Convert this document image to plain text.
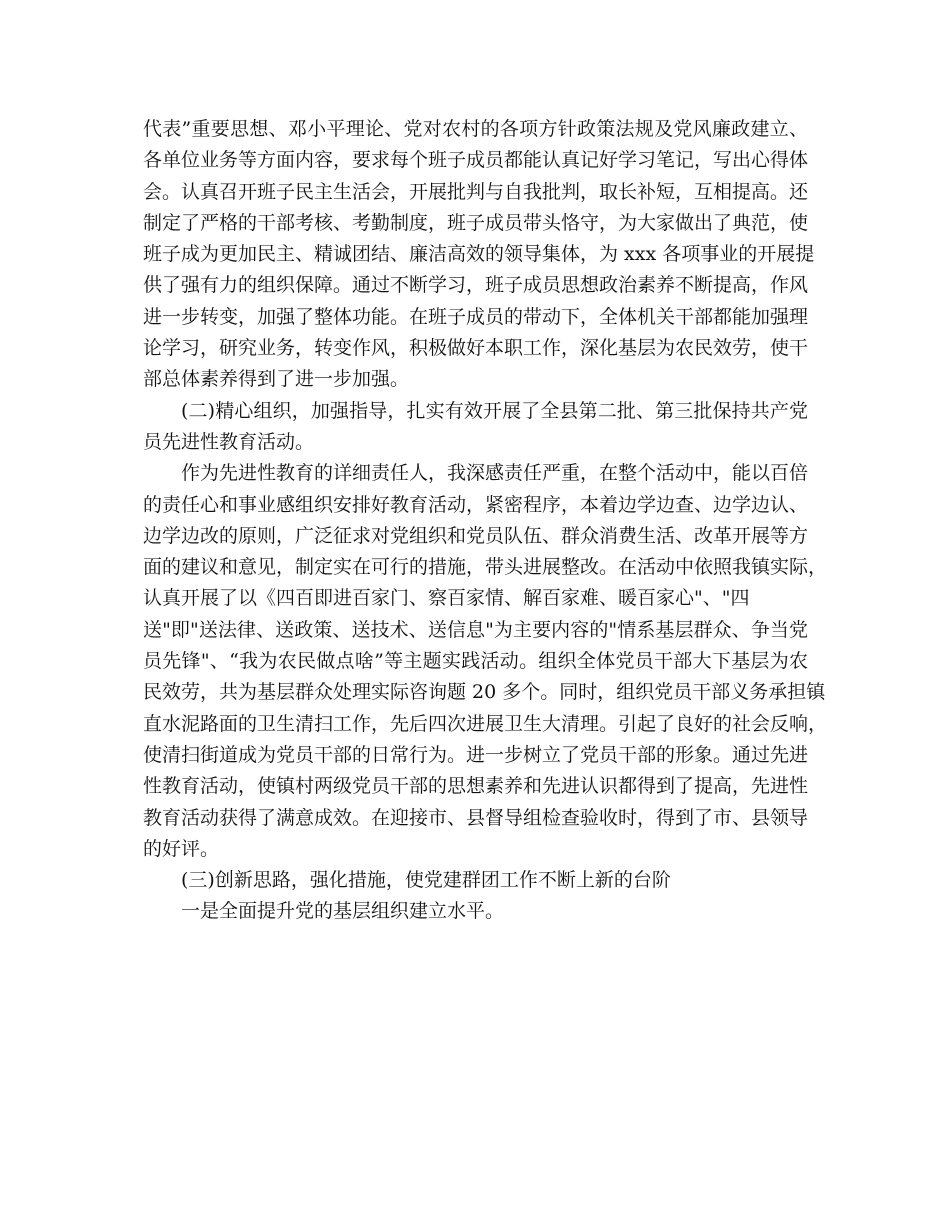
代表”重要思想、邓小平理论、党对农村的各项方针政策法规及党风廉政建立、
各单位业务等方面内容，要求每个班子成员都能认真记好学习笔记，写出心得体
会。认真召开班子民主生活会，开展批判与自我批判，取长补短，互相提高。还
制定了严格的干部考核、考勤制度，班子成员带头恪守，为大家做出了典范，使
班子成为更加民主、精诚团结、廉洁高效的领导集体，为 xxx 各项事业的开展提
供了强有力的组织保障。通过不断学习，班子成员思想政治素养不断提高，作风
进一步转变，加强了整体功能。在班子成员的带动下，全体机关干部都能加强理
论学习，研究业务，转变作风，积极做好本职工作，深化基层为农民效劳，使干
部总体素养得到了进一步加强。
(二)精心组织，加强指导，扎实有效开展了全县第二批、第三批保持共产党
员先进性教育活动。
作为先进性教育的详细责任人，我深感责任严重，在整个活动中，能以百倍
的责任心和事业感组织安排好教育活动，紧密程序，本着边学边查、边学边认、
边学边改的原则，广泛征求对党组织和党员队伍、群众消费生活、改革开展等方
面的建议和意见，制定实在可行的措施，带头进展整改。在活动中依照我镇实际，
认真开展了以《四百即进百家门、察百家情、解百家难、暖百家心"、"四
送"即"送法律、送政策、送技术、送信息"为主要内容的"情系基层群众、争当党
员先锋"、“我为农民做点啥”等主题实践活动。组织全体党员干部大下基层为农
民效劳，共为基层群众处理实际咨询题 20 多个。同时，组织党员干部义务承担镇
直水泥路面的卫生清扫工作，先后四次进展卫生大清理。引起了良好的社会反响，
使清扫街道成为党员干部的日常行为。进一步树立了党员干部的形象。通过先进
性教育活动，使镇村两级党员干部的思想素养和先进认识都得到了提高，先进性
教育活动获得了满意成效。在迎接市、县督导组检查验收时，得到了市、县领导
的好评。
(三)创新思路，强化措施，使党建群团工作不断上新的台阶
一是全面提升党的基层组织建立水平。
